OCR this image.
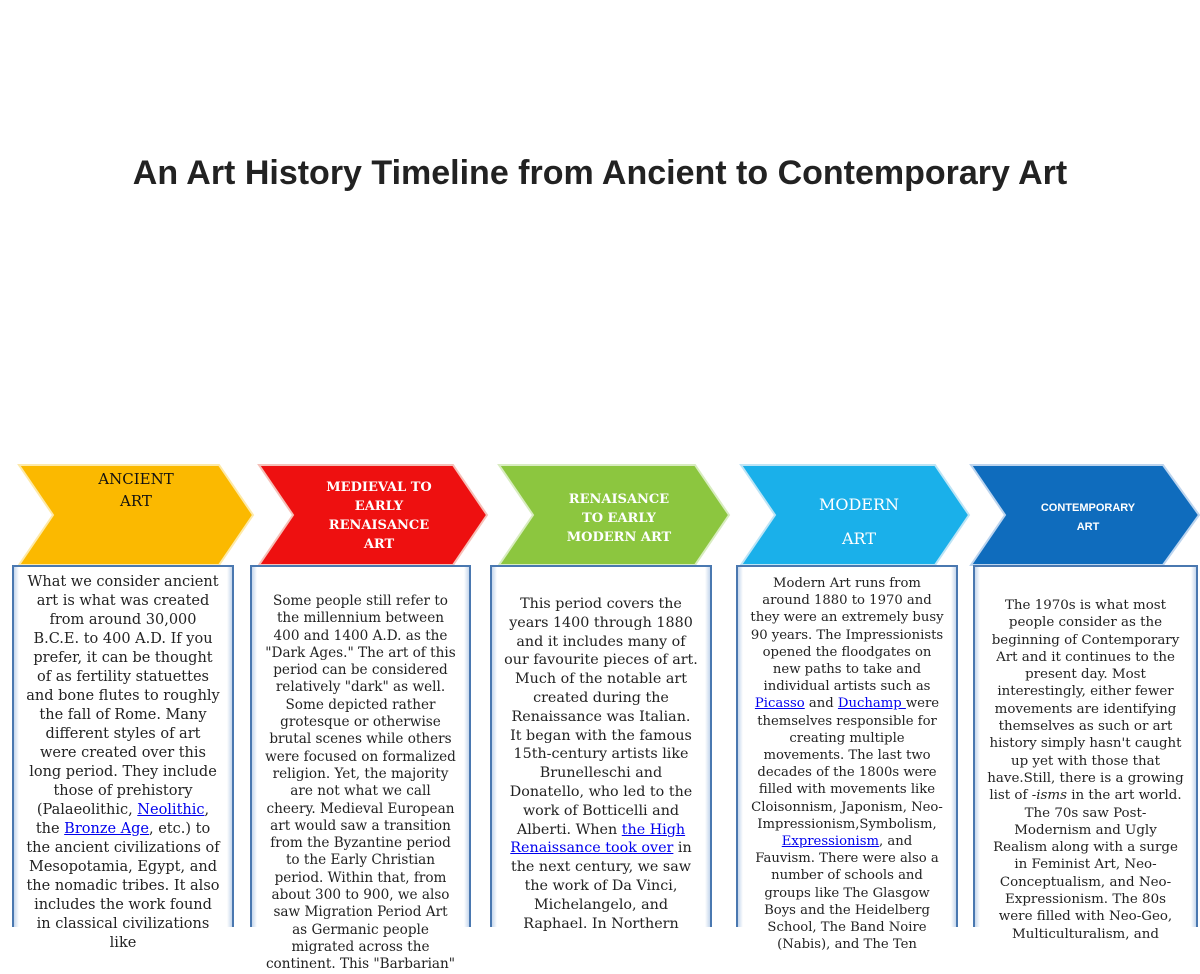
An Art History Timeline from Ancient to Contemporary Art
ANCIENT
ART
MEDIEVAL TO
EARLY
RENAISANCE
ART
RENAISANCE
TO EARLY
MODERN ART
MODERN

ART
CONTEMPORARY
ART
What we consider ancient art is what was created from around 30,000 B.C.E. to 400 A.D. If you prefer, it can be thought of as fertility statuettes and bone flutes to roughly the fall of Rome. Many different styles of art were created over this long period. They include those of prehistory (Palaeolithic, Neolithic, the Bronze Age, etc.) to the ancient civilizations of Mesopotamia, Egypt, and the nomadic tribes. It also includes the work found in classical civilizations like
Some people still refer to the millennium between 400 and 1400 A.D. as the "Dark Ages." The art of this period can be considered relatively "dark" as well. Some depicted rather grotesque or otherwise brutal scenes while others were focused on formalized religion. Yet, the majority are not what we call cheery. Medieval European art would saw a transition from the Byzantine period to the Early Christian period. Within that, from about 300 to 900, we also saw Migration Period Art as Germanic people migrated across the continent. This "Barbarian"
This period covers the years 1400 through 1880 and it includes many of our favourite pieces of art. Much of the notable art created during the Renaissance was Italian. It began with the famous 15th-century artists like Brunelleschi and Donatello, who led to the work of Botticelli and Alberti. When the High Renaissance took over in the next century, we saw the work of Da Vinci, Michelangelo, and Raphael. In Northern
Modern Art runs from around 1880 to 1970 and they were an extremely busy 90 years. The Impressionists opened the floodgates on new paths to take and individual artists such as Picasso and Duchamp were themselves responsible for creating multiple movements. The last two decades of the 1800s were filled with movements like Cloisonnism, Japonism, Neo-Impressionism,Symbolism, Expressionism, and Fauvism. There were also a number of schools and groups like The Glasgow Boys and the Heidelberg School, The Band Noire (Nabis), and The Ten
The 1970s is what most people consider as the beginning of Contemporary Art and it continues to the present day. Most interestingly, either fewer movements are identifying themselves as such or art history simply hasn't caught up yet with those that have.Still, there is a growing list of -isms in the art world. The 70s saw Post-Modernism and Ugly Realism along with a surge in Feminist Art, Neo-Conceptualism, and Neo-Expressionism. The 80s were filled with Neo-Geo, Multiculturalism, and
